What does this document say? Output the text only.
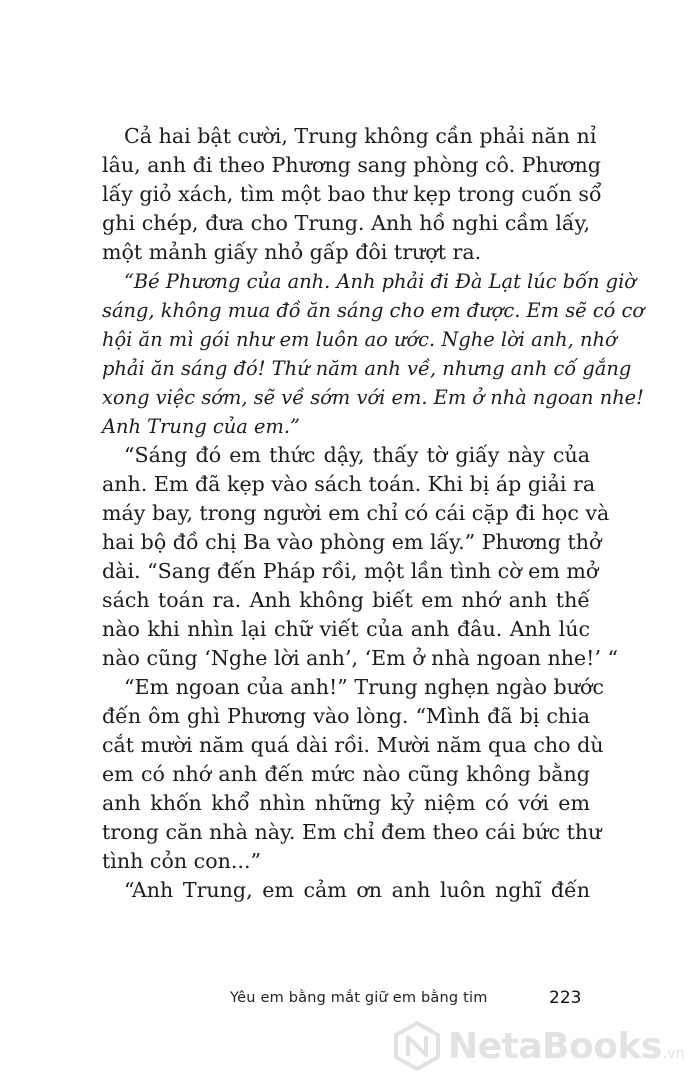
Cả hai bật cười, Trung không cần phải năn nỉ
lâu, anh đi theo Phương sang phòng cô. Phương
lấy giỏ xách, tìm một bao thư kẹp trong cuốn sổ
ghi chép, đưa cho Trung. Anh hồ nghi cầm lấy,
một mảnh giấy nhỏ gấp đôi trượt ra.
“Bé Phương của anh. Anh phải đi Đà Lạt lúc bốn giờ
sáng, không mua đồ ăn sáng cho em được. Em sẽ có cơ
hội ăn mì gói như em luôn ao ước. Nghe lời anh, nhớ
phải ăn sáng đó! Thứ năm anh về, nhưng anh cố gắng
xong việc sớm, sẽ về sớm với em. Em ở nhà ngoan nhe!
Anh Trung của em.”
“Sáng đó em thức dậy, thấy tờ giấy này của
anh. Em đã kẹp vào sách toán. Khi bị áp giải ra
máy bay, trong người em chỉ có cái cặp đi học và
hai bộ đồ chị Ba vào phòng em lấy.” Phương thở
dài. “Sang đến Pháp rồi, một lần tình cờ em mở
sách toán ra. Anh không biết em nhớ anh thế
nào khi nhìn lại chữ viết của anh đâu. Anh lúc
nào cũng ‘Nghe lời anh’, ‘Em ở nhà ngoan nhe!’ “
“Em ngoan của anh!” Trung nghẹn ngào bước
đến ôm ghì Phương vào lòng. “Mình đã bị chia
cắt mười năm quá dài rồi. Mười năm qua cho dù
em có nhớ anh đến mức nào cũng không bằng
anh khốn khổ nhìn những kỷ niệm có với em
trong căn nhà này. Em chỉ đem theo cái bức thư
tình cỏn con...”
“Anh Trung, em cảm ơn anh luôn nghĩ đến
Yêu em bằng mắt giữ em bằng tim	223
NetaBooks .vn
